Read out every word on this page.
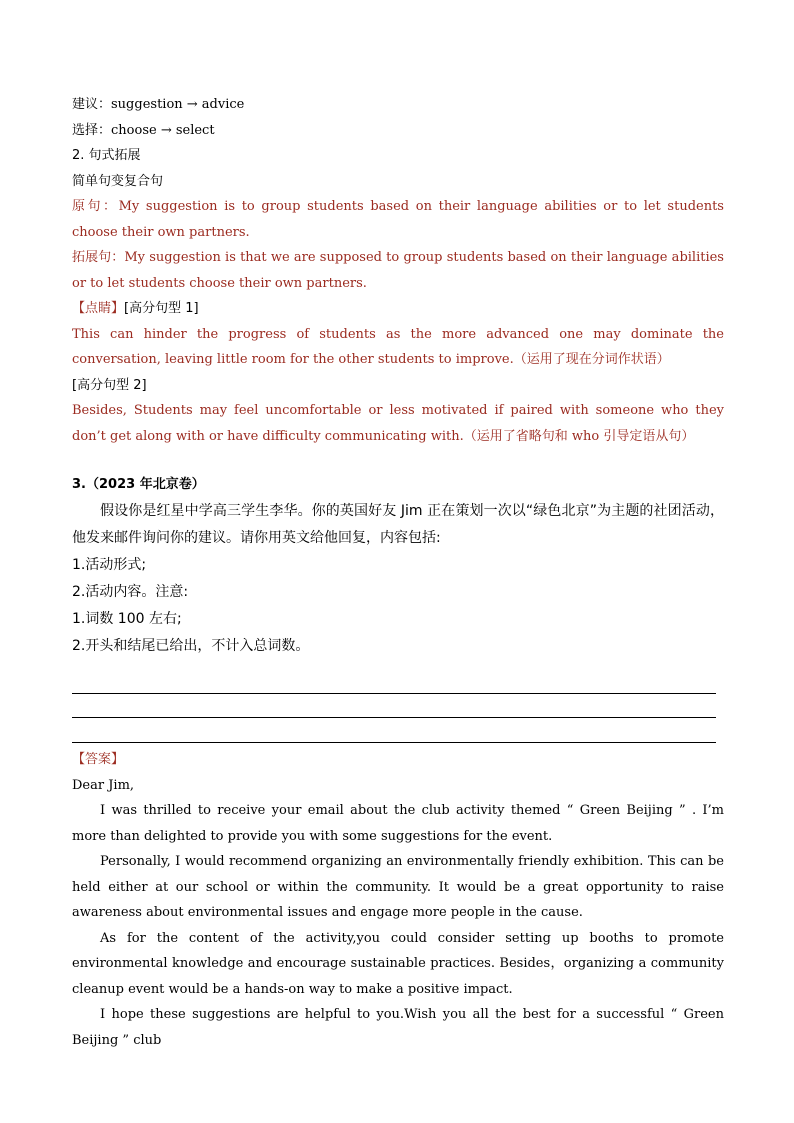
建议：suggestion → advice
选择：choose → select
2. 句式拓展
简单句变复合句
原句：My suggestion is to group students based on their language abilities or to let students choose their own partners.
拓展句：My suggestion is that we are supposed to group students based on their language abilities or to let students choose their own partners.
【点睛】[高分句型 1]
This can hinder the progress of students as the more advanced one may dominate the conversation, leaving little room for the other students to improve.（运用了现在分词作状语）
[高分句型 2]
Besides, Students may feel uncomfortable or less motivated if paired with someone who they don’t get along with or have difficulty communicating with.（运用了省略句和 who 引导定语从句）
3.（2023 年北京卷）
假设你是红星中学高三学生李华。你的英国好友 Jim 正在策划一次以“绿色北京”为主题的社团活动，他发来邮件询问你的建议。请你用英文给他回复，内容包括:
1.活动形式;
2.活动内容。注意:
1.词数 100 左右;
2.开头和结尾已给出，不计入总词数。
【答案】
Dear Jim,
I was thrilled to receive your email about the club activity themed “ Green Beijing ” . I’m more than delighted to provide you with some suggestions for the event.
Personally, I would recommend organizing an environmentally friendly exhibition. This can be held either at our school or within the community. It would be a great opportunity to raise awareness about environmental issues and engage more people in the cause.
As for the content of the activity,you could consider setting up booths to promote environmental knowledge and encourage sustainable practices. Besides，organizing a community cleanup event would be a hands-on way to make a positive impact.
I hope these suggestions are helpful to you.Wish you all the best for a successful “ Green Beijing ” club
